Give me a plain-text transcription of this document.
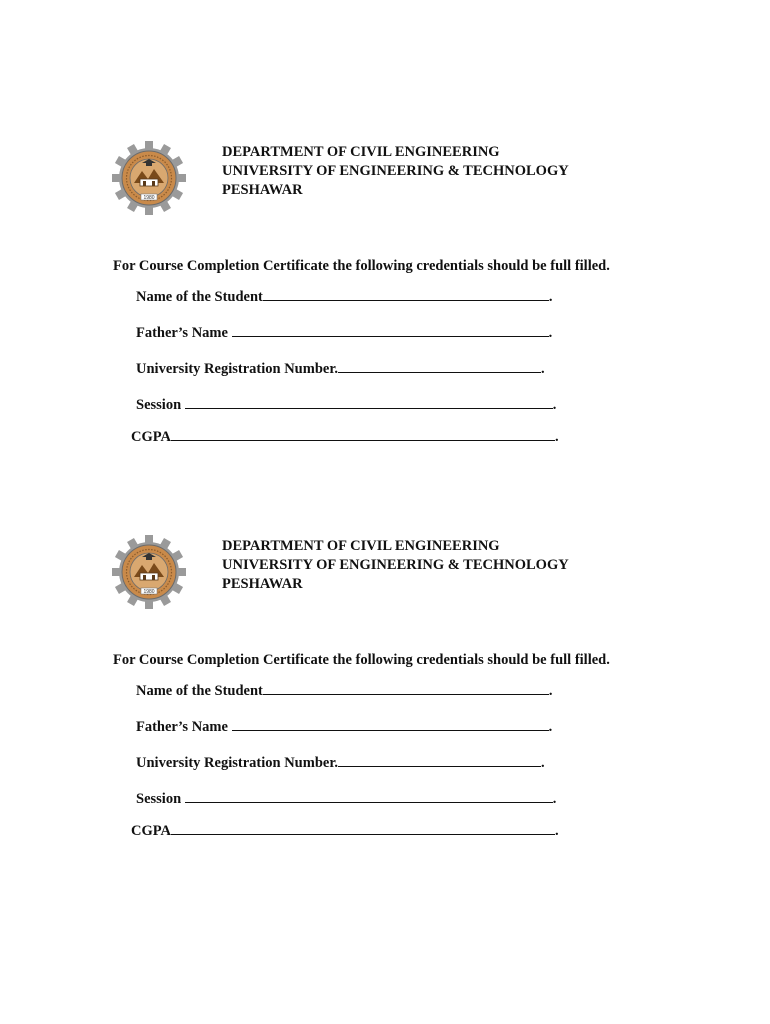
1980
DEPARTMENT OF CIVIL ENGINEERING
UNIVERSITY OF ENGINEERING & TECHNOLOGY
PESHAWAR
For Course Completion Certificate the following credentials should be full filled.
Name of the Student	.
Father’s Name	.
University Registration Number.	.
Session	.
CGPA	.
1980
DEPARTMENT OF CIVIL ENGINEERING
UNIVERSITY OF ENGINEERING & TECHNOLOGY
PESHAWAR
For Course Completion Certificate the following credentials should be full filled.
Name of the Student	.
Father’s Name	.
University Registration Number.	.
Session	.
CGPA	.
